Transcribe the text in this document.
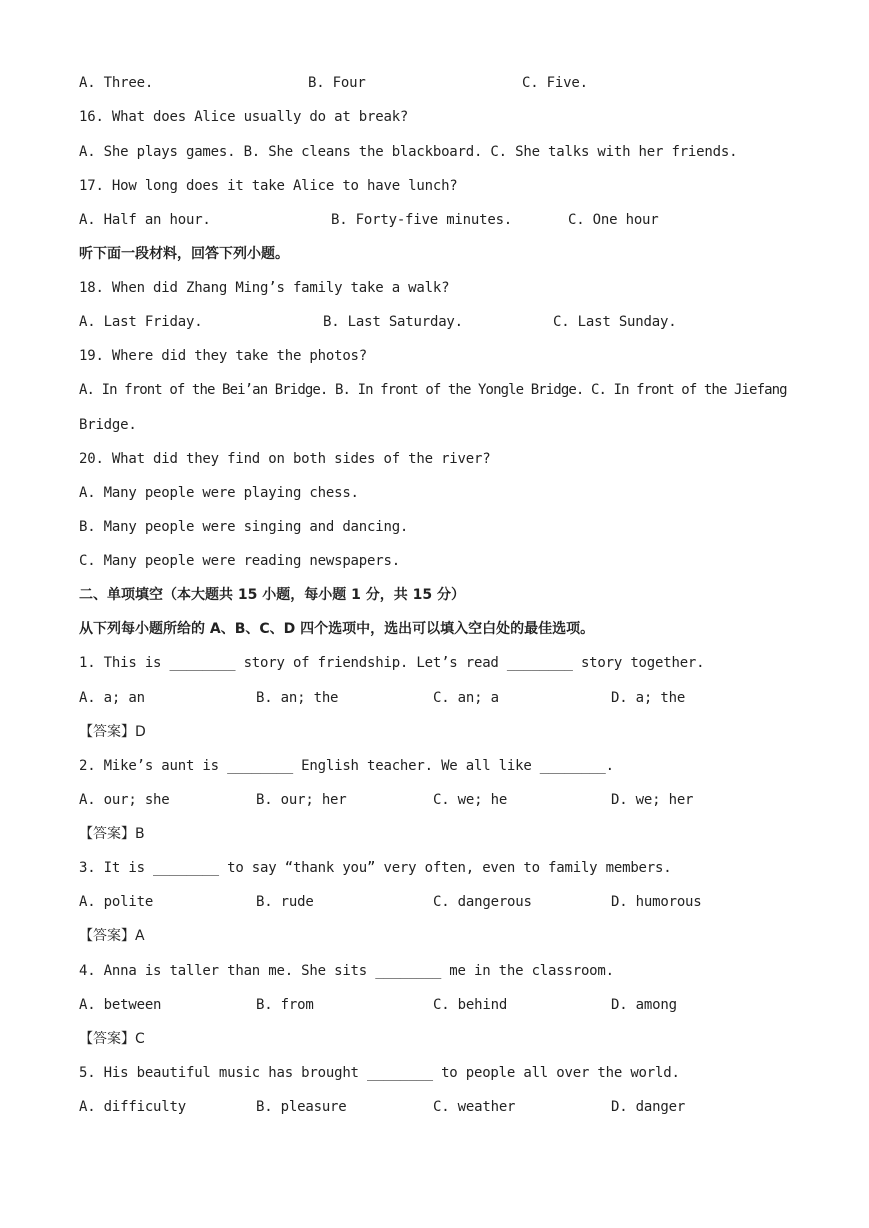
A. Three.	B. Four	C. Five.
16. What does Alice usually do at break?
A. She plays games. B. She cleans the blackboard. C. She talks with her friends.
17. How long does it take Alice to have lunch?
A. Half an hour.	B. Forty-five minutes.	C. One hour
听下面一段材料，回答下列小题。
18. When did Zhang Ming’s family take a walk?
A. Last Friday.	B. Last Saturday.	C. Last Sunday.
19. Where did they take the photos?
A. In front of the Bei’an Bridge. B. In front of the Yongle Bridge. C. In front of the Jiefang
Bridge.
20. What did they find on both sides of the river?
A. Many people were playing chess.
B. Many people were singing and dancing.
C. Many people were reading newspapers.
二、单项填空（本大题共 15 小题，每小题 1 分，共 15 分）
从下列每小题所给的 A、B、C、D 四个选项中，选出可以填入空白处的最佳选项。
1. This is ________ story of friendship. Let’s read ________ story together.
A. a; an	B. an; the	C. an; a	D. a; the
【答案】D
2. Mike’s aunt is ________ English teacher. We all like ________.
A. our; she	B. our; her	C. we; he	D. we; her
【答案】B
3. It is ________ to say “thank you” very often, even to family members.
A. polite	B. rude	C. dangerous	D. humorous
【答案】A
4. Anna is taller than me. She sits ________ me in the classroom.
A. between	B. from	C. behind	D. among
【答案】C
5. His beautiful music has brought ________ to people all over the world.
A. difficulty	B. pleasure	C. weather	D. danger
